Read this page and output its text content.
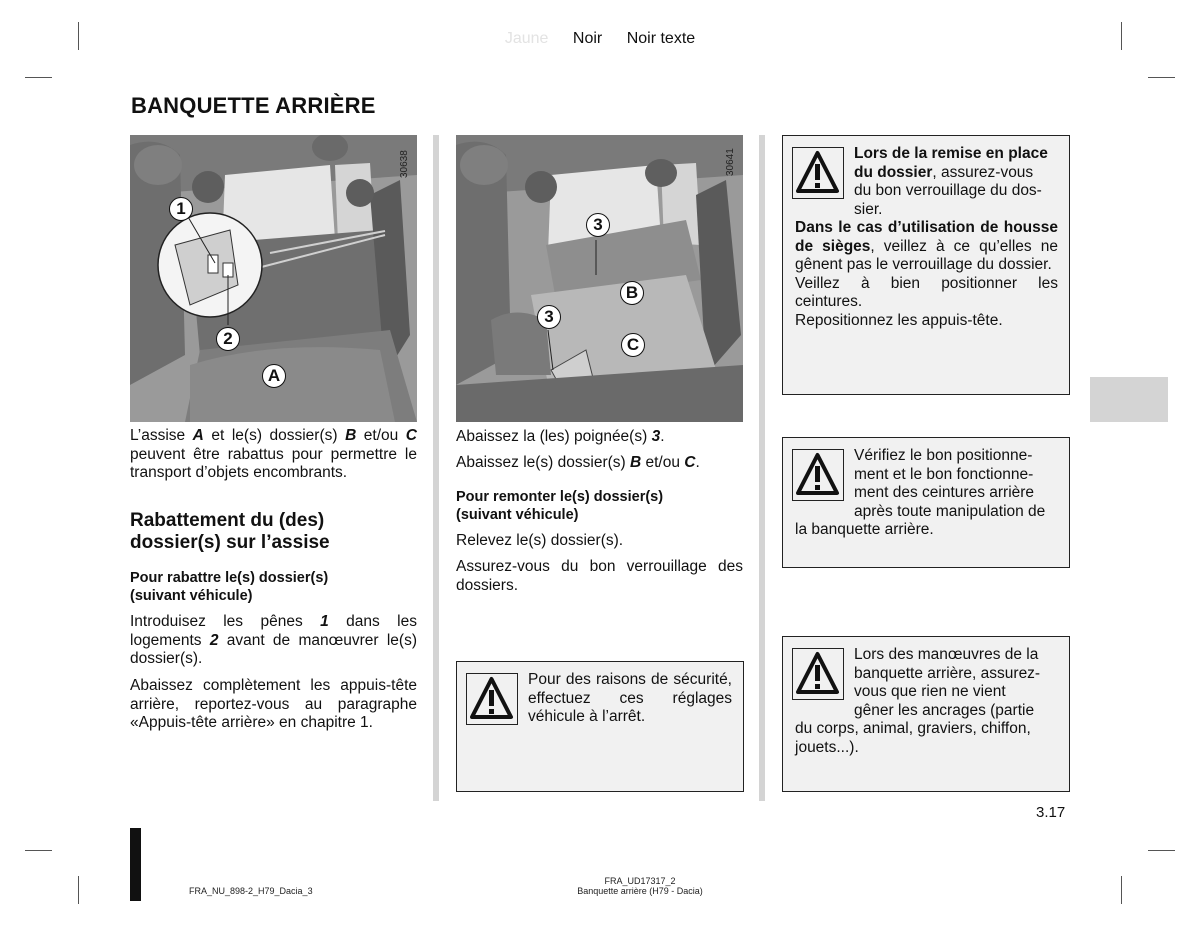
Jaune Noir Noir texte
BANQUETTE ARRIÈRE
1
2
A
30638
3
B
3
C
30641

L’assise A et le(s) dossier(s) B et/ou C peuvent être rabattus pour permettre le transport d’objets encombrants.

Rabattement du (des) dossier(s) sur l’assise
Pour rabattre le(s) dossier(s) (suivant véhicule)

Introduisez les pênes 1 dans les logements 2 avant de manœuvrer le(s) dossier(s).

Abaissez complètement les appuis-tête arrière, reportez-vous au paragraphe «Appuis-tête arrière» en chapitre 1.

Abaissez la (les) poignée(s) 3.

Abaissez le(s) dossier(s) B et/ou C.

Pour remonter le(s) dossier(s) (suivant véhicule)
Relevez le(s) dossier(s).
Assurez-vous du bon verrouillage des dossiers.
Pour des raisons de sécurité, effectuez ces réglages véhicule à l’arrêt.

Lors de la remise en place

du dossier, assurez-vous

du bon verrouillage du dos-

sier.

Dans le cas d’utilisation de housse de sièges, veillez à ce qu’elles ne gênent pas le verrouillage du dossier.

Veillez à bien positionner les ceintures.

Repositionnez les appuis-tête.

Vérifiez le bon positionne-

ment et le bon fonctionne-

ment des ceintures arrière

après toute manipulation de

la banquette arrière.

Lors des manœuvres de la

banquette arrière, assurez-

vous que rien ne vient

gêner les ancrages (partie

du corps, animal, graviers, chiffon,

jouets...).

3.17
FRA_NU_898-2_H79_Dacia_3
FRA_UD17317_2
Banquette arrière (H79 - Dacia)
